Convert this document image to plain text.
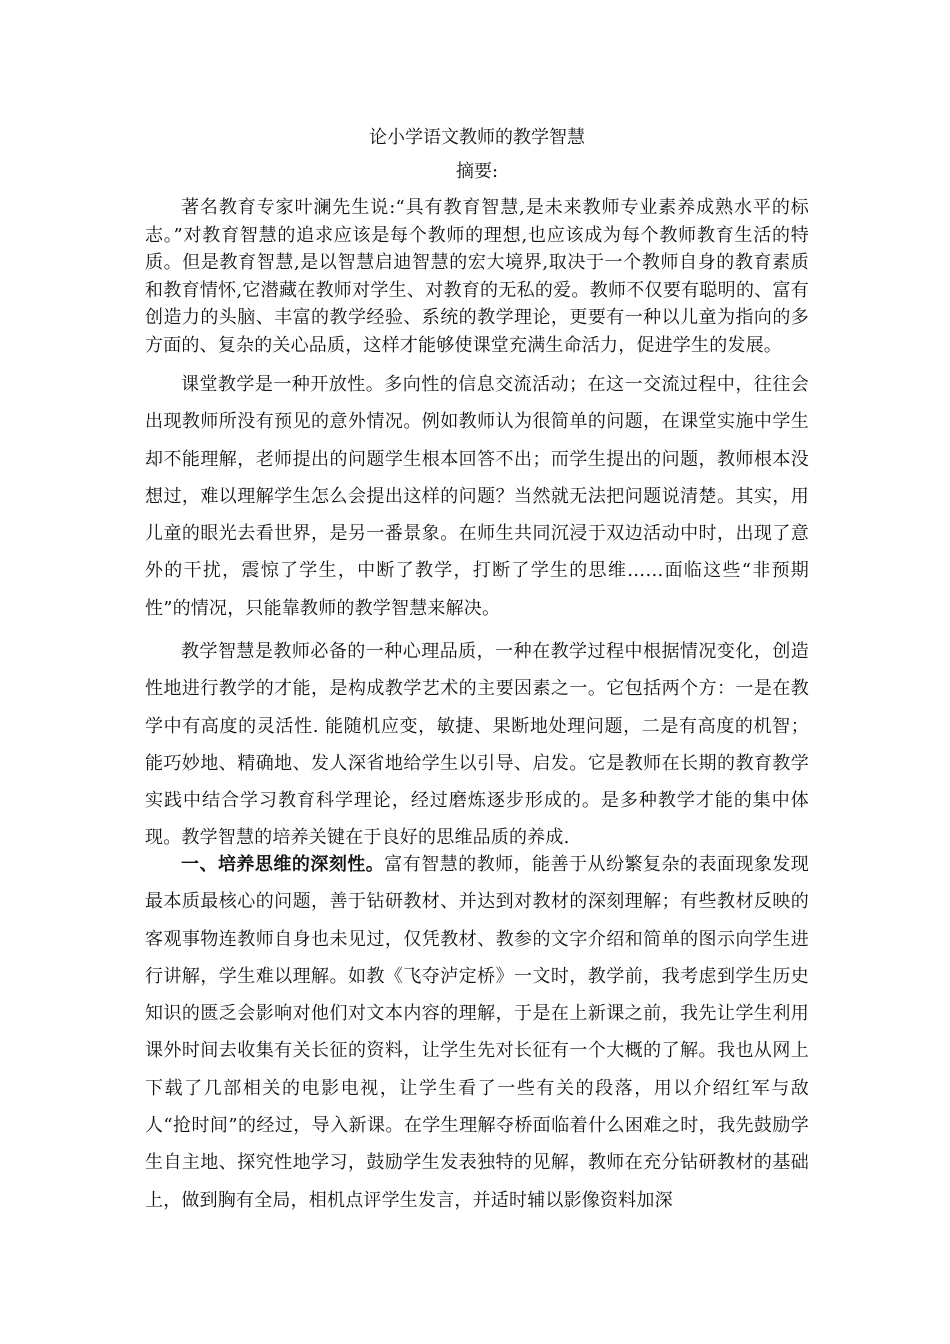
论小学语文教师的教学智慧
摘要:

著名教育专家叶澜先生说:“具有教育智慧,是未来教师专业素养成熟水平的标志。”对教育智慧的追求应该是每个教师的理想,也应该成为每个教师教育生活的特质。但是教育智慧,是以智慧启迪智慧的宏大境界,取决于一个教师自身的教育素质和教育情怀,它潜藏在教师对学生、对教育的无私的爱。教师不仅要有聪明的、富有创造力的头脑、丰富的教学经验、系统的教学理论，更要有一种以儿童为指向的多方面的、复杂的关心品质，这样才能够使课堂充满生命活力，促进学生的发展。

课堂教学是一种开放性。多向性的信息交流活动；在这一交流过程中，往往会出现教师所没有预见的意外情况。例如教师认为很简单的问题，在课堂实施中学生却不能理解，老师提出的问题学生根本回答不出；而学生提出的问题，教师根本没想过，难以理解学生怎么会提出这样的问题？当然就无法把问题说清楚。其实，用儿童的眼光去看世界，是另一番景象。在师生共同沉浸于双边活动中时，出现了意外的干扰，震惊了学生，中断了教学，打断了学生的思维……面临这些“非预期性”的情况，只能靠教师的教学智慧来解决。

教学智慧是教师必备的一种心理品质，一种在教学过程中根据情况变化，创造性地进行教学的才能，是构成教学艺术的主要因素之一。它包括两个方：一是在教学中有高度的灵活性. 能随机应变，敏捷、果断地处理问题，二是有高度的机智；能巧妙地、精确地、发人深省地给学生以引导、启发。它是教师在长期的教育教学实践中结合学习教育科学理论，经过磨炼逐步形成的。是多种教学才能的集中体现。教学智慧的培养关键在于良好的思维品质的养成.

一、培养思维的深刻性。富有智慧的教师，能善于从纷繁复杂的表面现象发现最本质最核心的问题，善于钻研教材、并达到对教材的深刻理解；有些教材反映的客观事物连教师自身也未见过，仅凭教材、教参的文字介绍和简单的图示向学生进行讲解，学生难以理解。如教《飞夺泸定桥》一文时，教学前，我考虑到学生历史知识的匮乏会影响对他们对文本内容的理解，于是在上新课之前，我先让学生利用课外时间去收集有关长征的资料，让学生先对长征有一个大概的了解。我也从网上下载了几部相关的电影电视，让学生看了一些有关的段落，用以介绍红军与敌人“抢时间”的经过，导入新课。在学生理解夺桥面临着什么困难之时，我先鼓励学生自主地、探究性地学习，鼓励学生发表独特的见解，教师在充分钻研教材的基础上，做到胸有全局，相机点评学生发言，并适时辅以影像资料加深
